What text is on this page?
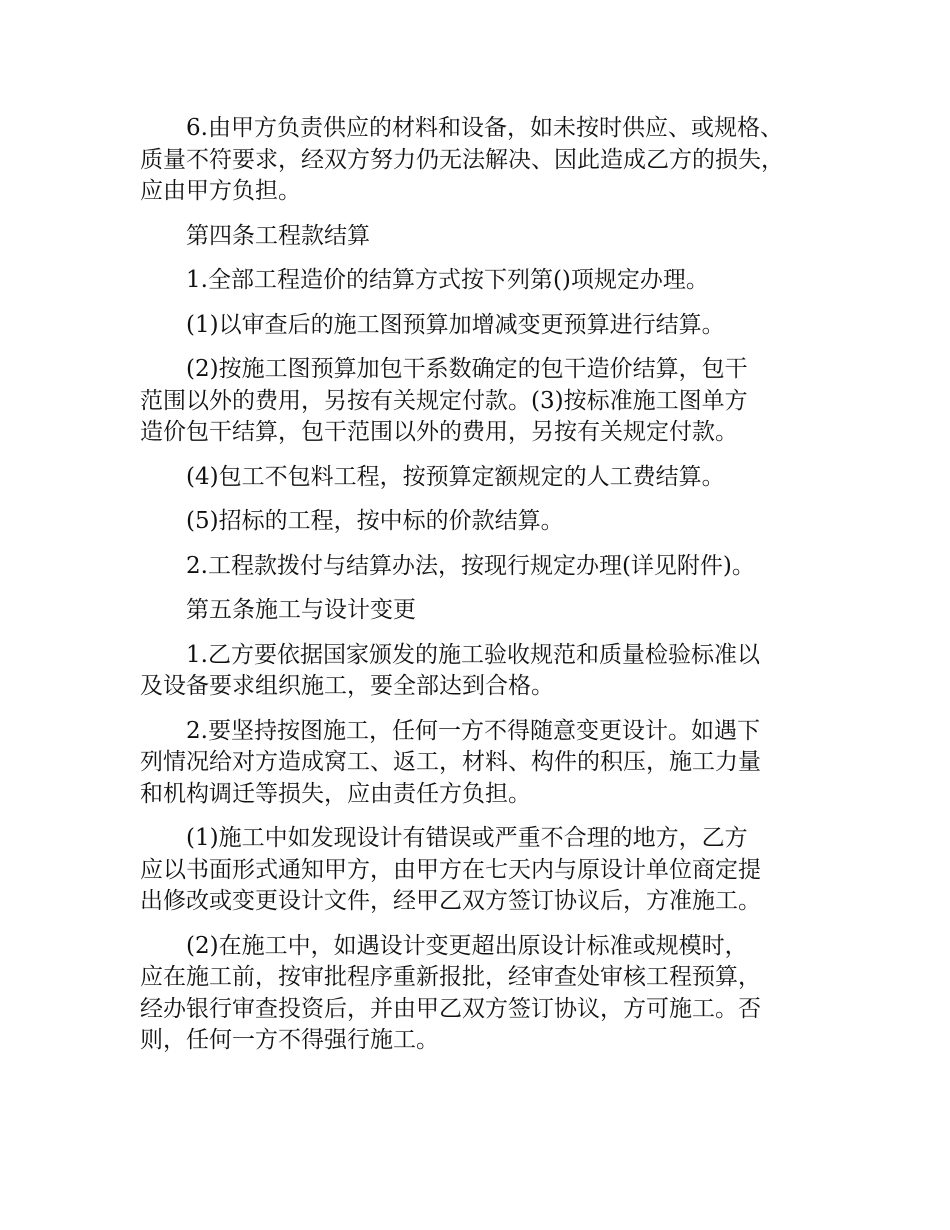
6.由甲方负责供应的材料和设备，如未按时供应、或规格、
质量不符要求，经双方努力仍无法解决、因此造成乙方的损失，
应由甲方负担。
第四条工程款结算
1.全部工程造价的结算方式按下列第()项规定办理。
(1)以审查后的施工图预算加增减变更预算进行结算。
(2)按施工图预算加包干系数确定的包干造价结算，包干
范围以外的费用，另按有关规定付款。(3)按标准施工图单方
造价包干结算，包干范围以外的费用，另按有关规定付款。
(4)包工不包料工程，按预算定额规定的人工费结算。
(5)招标的工程，按中标的价款结算。
2.工程款拨付与结算办法，按现行规定办理(详见附件)。
第五条施工与设计变更
1.乙方要依据国家颁发的施工验收规范和质量检验标准以
及设备要求组织施工，要全部达到合格。
2.要坚持按图施工，任何一方不得随意变更设计。如遇下
列情况给对方造成窝工、返工，材料、构件的积压，施工力量
和机构调迁等损失，应由责任方负担。
(1)施工中如发现设计有错误或严重不合理的地方，乙方
应以书面形式通知甲方，由甲方在七天内与原设计单位商定提
出修改或变更设计文件，经甲乙双方签订协议后，方准施工。
(2)在施工中，如遇设计变更超出原设计标准或规模时，
应在施工前，按审批程序重新报批，经审查处审核工程预算，
经办银行审查投资后，并由甲乙双方签订协议，方可施工。否
则，任何一方不得强行施工。
